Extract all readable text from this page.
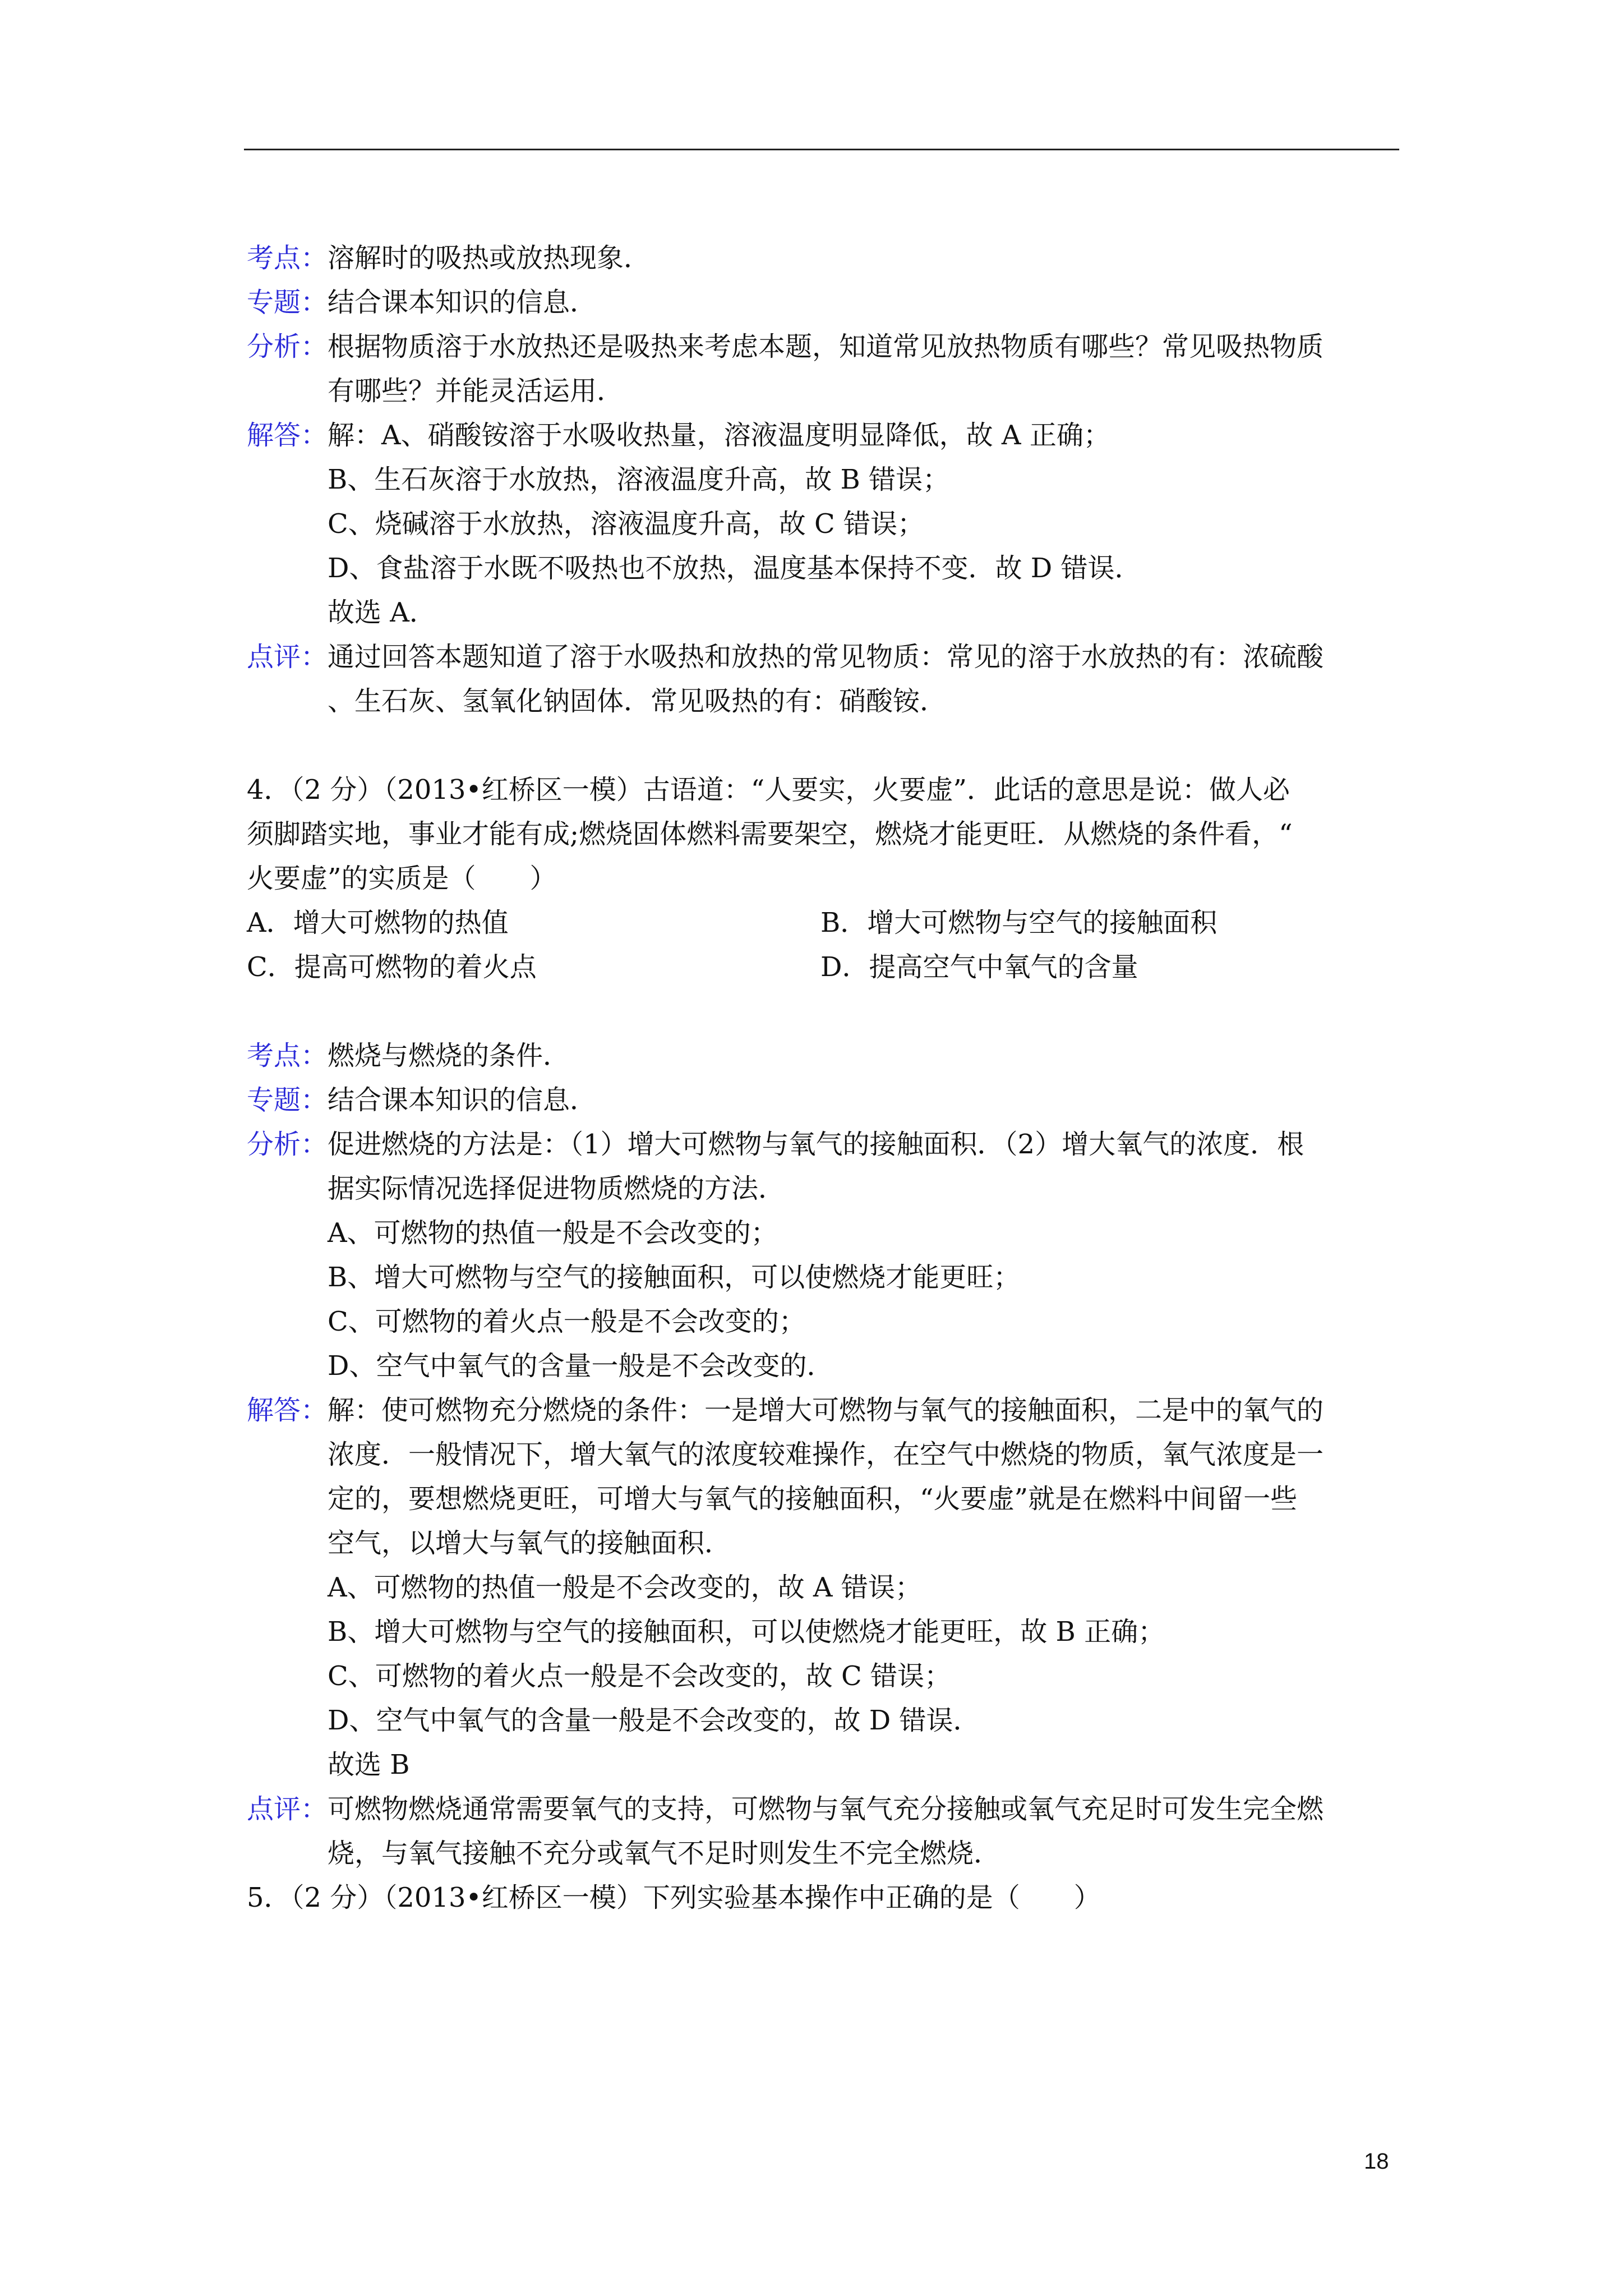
考点： 溶解时的吸热或放热现象．
专题： 结合课本知识的信息．
分析： 根据物质溶于水放热还是吸热来考虑本题，知道常见放热物质有哪些？常见吸热物质
有哪些？并能灵活运用．
解答： 解：A、硝酸铵溶于水吸收热量，溶液温度明显降低，故 A 正确；
B、生石灰溶于水放热，溶液温度升高，故 B 错误；
C、烧碱溶于水放热，溶液温度升高，故 C 错误；
D、食盐溶于水既不吸热也不放热，温度基本保持不变．故 D 错误．
故选 A．
点评： 通过回答本题知道了溶于水吸热和放热的常见物质：常见的溶于水放热的有：浓硫酸
、生石灰、氢氧化钠固体．常见吸热的有：硝酸铵．
4．（2 分）（2013•红桥区一模）古语道：“人要实，火要虚”．此话的意思是说：做人必
须脚踏实地，事业才能有成;燃烧固体燃料需要架空，燃烧才能更旺．从燃烧的条件看，“
火要虚”的实质是（　　）
A．增大可燃物的热值	B．增大可燃物与空气的接触面积
C．提高可燃物的着火点	D．提高空气中氧气的含量
考点： 燃烧与燃烧的条件．
专题： 结合课本知识的信息．
分析： 促进燃烧的方法是：（1）增大可燃物与氧气的接触面积．（2）增大氧气的浓度．根
据实际情况选择促进物质燃烧的方法．
A、可燃物的热值一般是不会改变的；
B、增大可燃物与空气的接触面积，可以使燃烧才能更旺；
C、可燃物的着火点一般是不会改变的；
D、空气中氧气的含量一般是不会改变的．
解答： 解：使可燃物充分燃烧的条件：一是增大可燃物与氧气的接触面积，二是中的氧气的
浓度．一般情况下，增大氧气的浓度较难操作，在空气中燃烧的物质，氧气浓度是一
定的，要想燃烧更旺，可增大与氧气的接触面积，“火要虚”就是在燃料中间留一些
空气，以增大与氧气的接触面积．
A、可燃物的热值一般是不会改变的，故 A 错误；
B、增大可燃物与空气的接触面积，可以使燃烧才能更旺，故 B 正确；
C、可燃物的着火点一般是不会改变的，故 C 错误；
D、空气中氧气的含量一般是不会改变的，故 D 错误．
故选 B
点评： 可燃物燃烧通常需要氧气的支持，可燃物与氧气充分接触或氧气充足时可发生完全燃
烧，与氧气接触不充分或氧气不足时则发生不完全燃烧．
5．（2 分）（2013•红桥区一模）下列实验基本操作中正确的是（　　）
18
